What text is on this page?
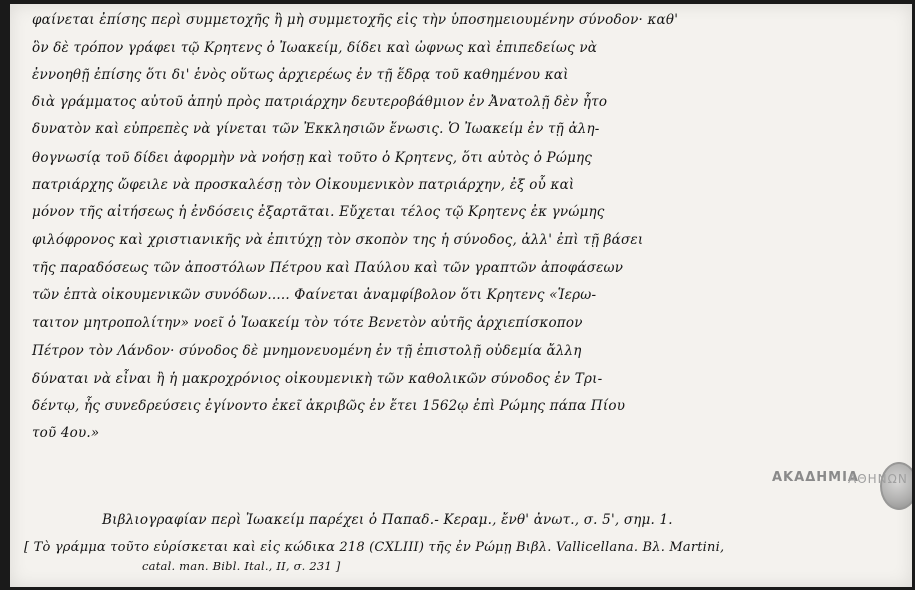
φαίνεται ἐπίσης περὶ συμμετοχῆς ἢ μὴ συμμετοχῆς εἰς τὴν ὑποσημειουμένην σύνοδον· καθ'
ὃν δὲ τρόπον γράφει τῷ Κρητενς ὁ Ἰωακείμ, δίδει καὶ ὠφνως καὶ ἐπιπεδείως νὰ
ἐννοηθῇ ἐπίσης ὅτι δι' ἑνὸς οὕτως ἀρχιερέως ἐν τῇ ἕδρᾳ τοῦ καθημένου καὶ
διὰ γράμματος αὐτοῦ ἀπηὐ πρὸς πατριάρχην δευτεροβάθμιον ἐν Ἀνατολῇ δὲν ἦτο
δυνατὸν καὶ εὐπρεπὲς νὰ γίνεται τῶν Ἐκκλησιῶν ἕνωσις. Ὁ Ἰωακείμ ἐν τῇ ἀλη-
θογνωσίᾳ τοῦ δίδει ἀφορμὴν νὰ νοήσῃ καὶ τοῦτο ὁ Κρητενς, ὅτι αὐτὸς ὁ Ρώμης
πατριάρχης ὤφειλε νὰ προσκαλέσῃ τὸν Οἰκουμενικὸν πατριάρχην, ἐξ οὗ καὶ
μόνον τῆς αἰτήσεως ἡ ἐνδόσεις ἐξαρτᾶται. Εὔχεται τέλος τῷ Κρητενς ἐκ γνώμης
φιλόφρονος καὶ χριστιανικῆς νὰ ἐπιτύχῃ τὸν σκοπὸν της ἡ σύνοδος, ἀλλ' ἐπὶ τῇ βάσει
τῆς παραδόσεως τῶν ἀποστόλων Πέτρου καὶ Παύλου καὶ τῶν γραπτῶν ἀποφάσεων
τῶν ἑπτὰ οἰκουμενικῶν συνόδων..... Φαίνεται ἀναμφίβολον ὅτι Κρητενς «Ἱερω-
ταιτον μητροπολίτην» νοεῖ ὁ Ἰωακείμ τὸν τότε Βενετὸν αὐτῆς ἀρχιεπίσκοπον
Πέτρον τὸν Λάνδον· σύνοδος δὲ μνημονευομένη ἐν τῇ ἐπιστολῇ οὐδεμία ἄλλη
δύναται νὰ εἶναι ἢ ἡ μακροχρόνιος οἰκουμενικὴ τῶν καθολικῶν σύνοδος ἐν Τρι-
δέντῳ, ἧς συνεδρεύσεις ἐγίνοντο ἐκεῖ ἀκριβῶς ἐν ἔτει 1562ῳ ἐπὶ Ρώμης πάπα Πίου
τοῦ 4ου.»
Βιβλιογραφίαν περὶ Ἰωακείμ παρέχει ὁ Παπαδ.- Κεραμ., ἔνθ' ἀνωτ., σ. 5', σημ. 1.
[ Τὸ γράμμα τοῦτο εὑρίσκεται καὶ εἰς κώδικα 218 (CXLIII) τῆς ἐν Ρώμῃ Βιβλ. Vallicellana. Βλ. Martini,
catal. man. Bibl. Ital., II, σ. 231 ]
ΑΚΑΔΗΜΙΑ
ΑΘΗΝΩΝ
